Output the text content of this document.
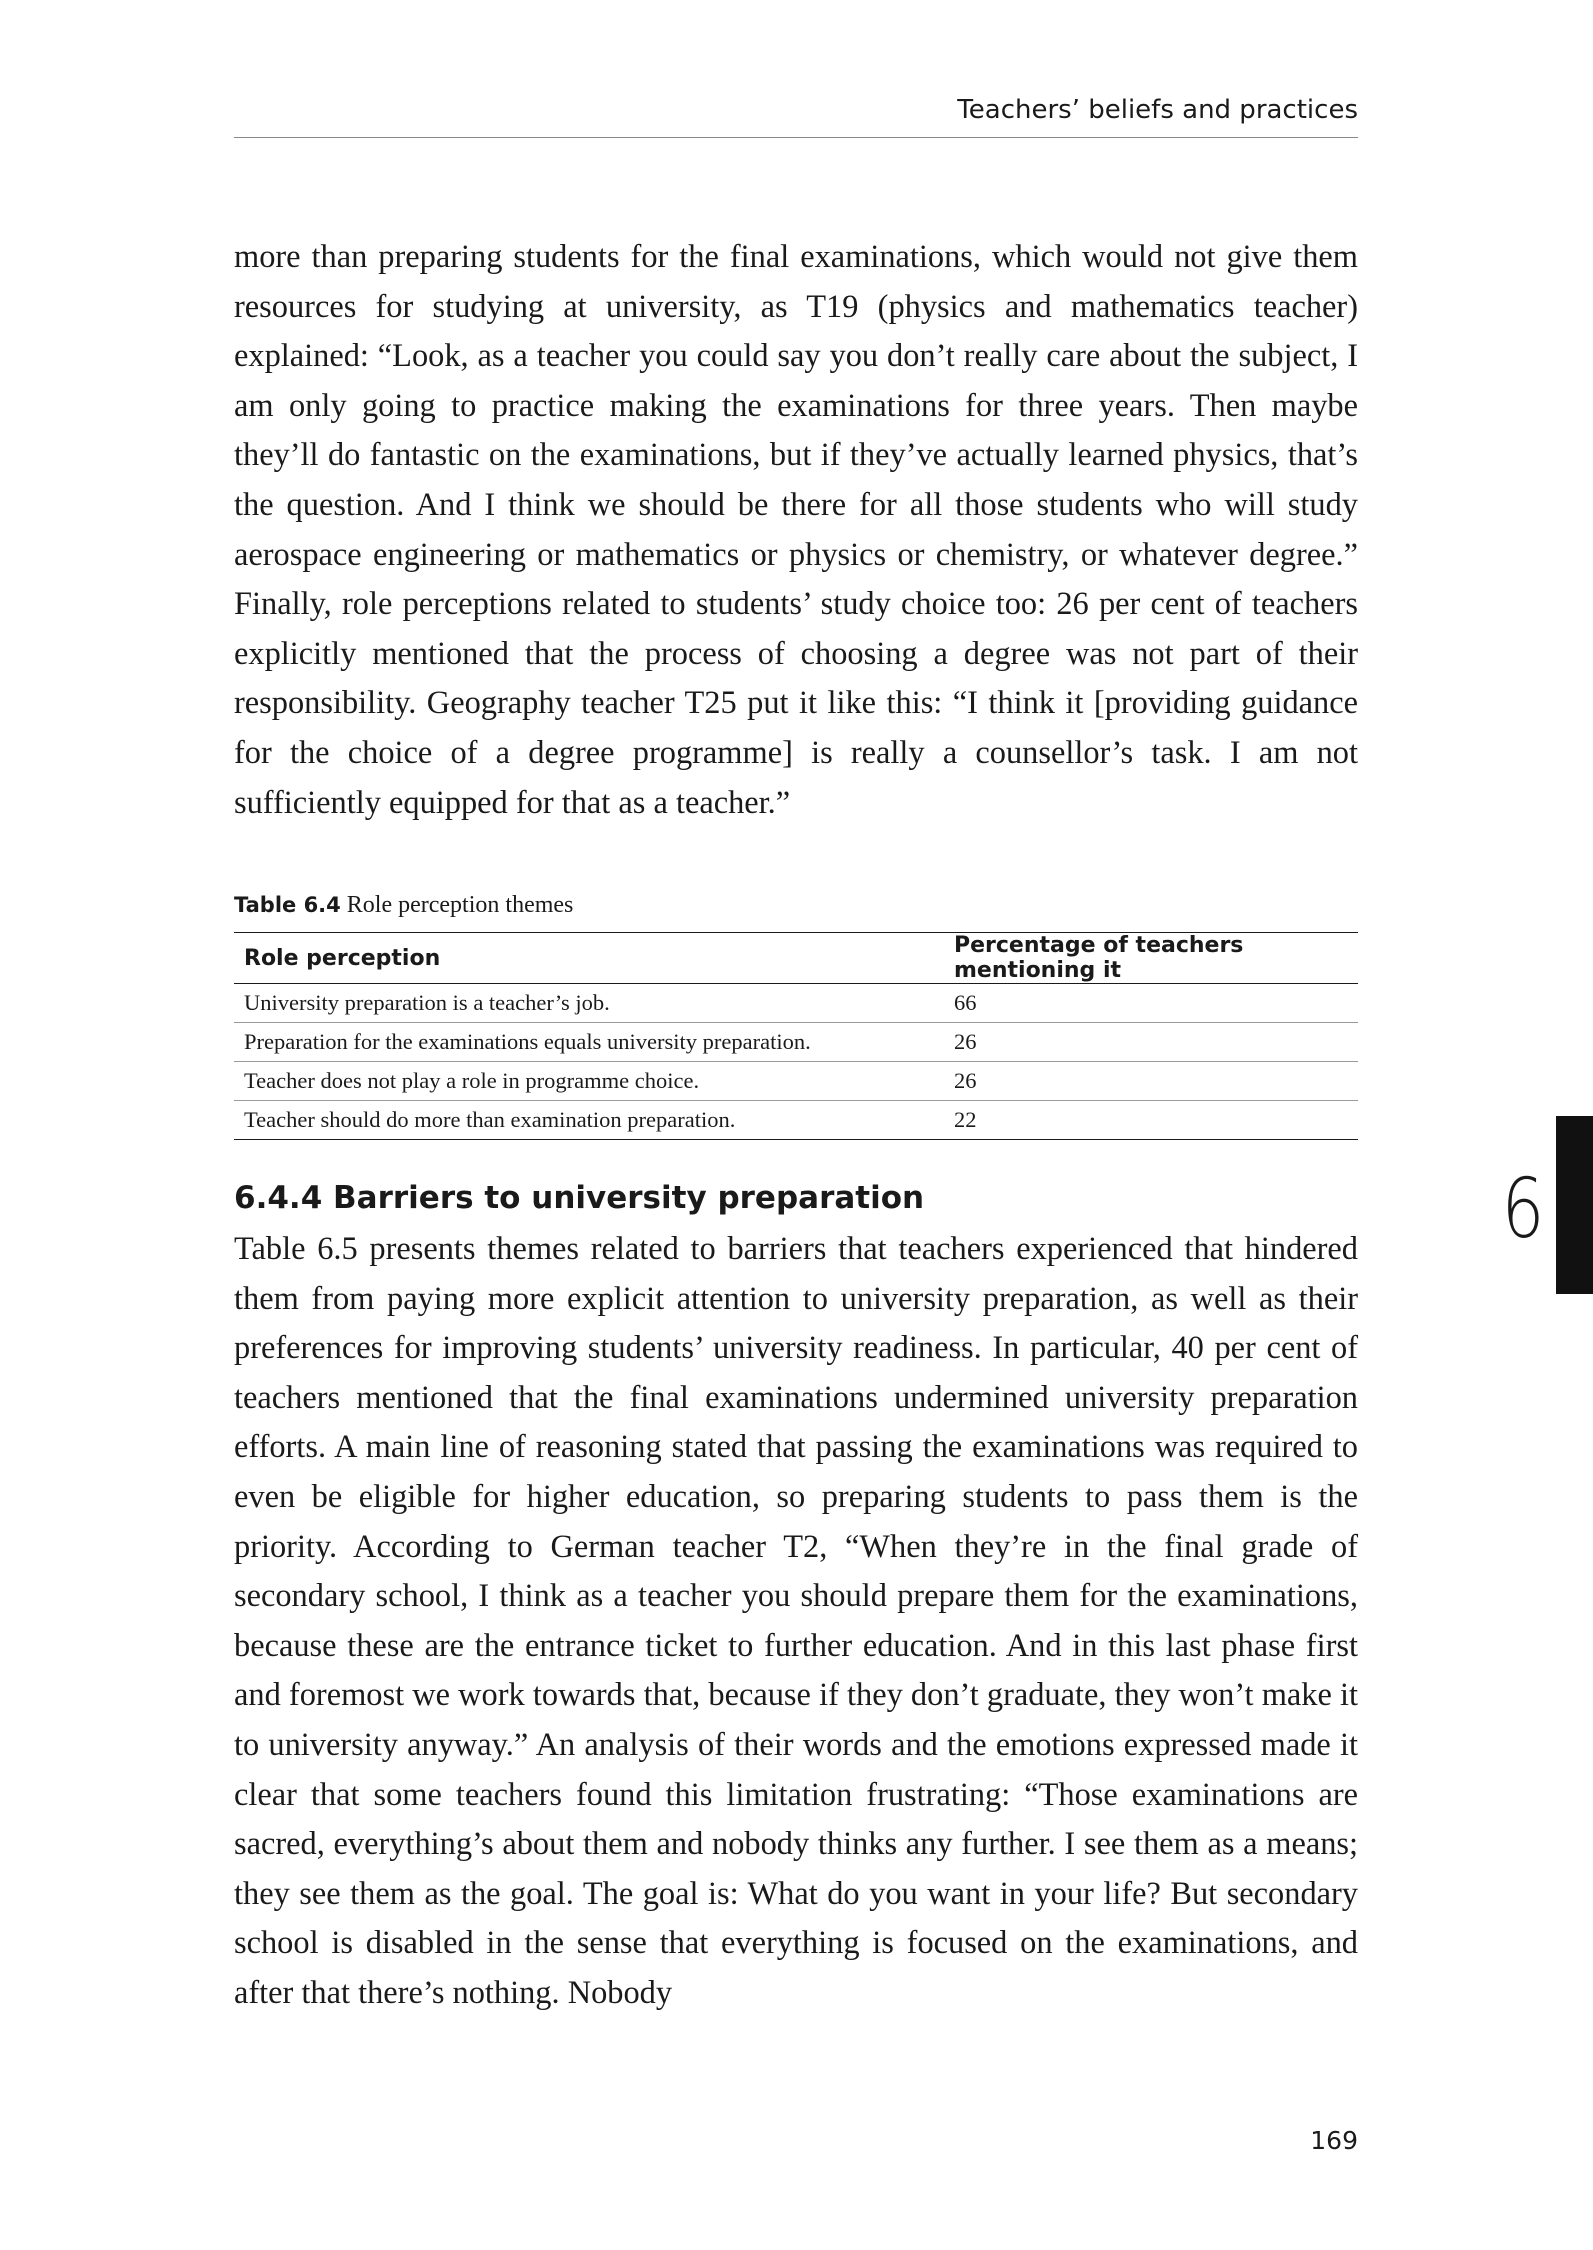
Teachers’ beliefs and practices

more than preparing students for the final examinations, which would not give them resources for studying at university, as T19 (physics and mathematics teacher) explained: “Look, as a teacher you could say you don’t really care about the subject, I am only going to practice making the examinations for three years. Then maybe they’ll do fantastic on the examinations, but if they’ve actually learned physics, that’s the question. And I think we should be there for all those students who will study aerospace engineering or mathematics or physics or chemistry, or whatever degree.” Finally, role perceptions related to students’ study choice too: 26 per cent of teachers explicitly mentioned that the process of choosing a degree was not part of their responsibility. Geography teacher T25 put it like this: “I think it [providing guidance for the choice of a degree programme] is really a counsellor’s task. I am not sufficiently equipped for that as a teacher.”

Table 6.4 Role perception themes
Role perception	Percentage of teachers mentioning it
University preparation is a teacher’s job.	66
Preparation for the examinations equals university preparation.	26
Teacher does not play a role in programme choice.	26
Teacher should do more than examination preparation.	22
6.4.4 Barriers to university preparation

Table 6.5 presents themes related to barriers that teachers experienced that hindered them from paying more explicit attention to university preparation, as well as their preferences for improving students’ university readiness. In particular, 40 per cent of teachers mentioned that the final examinations undermined university preparation efforts. A main line of reasoning stated that passing the examinations was required to even be eligible for higher education, so preparing students to pass them is the priority. According to German teacher T2, “When they’re in the final grade of secondary school, I think as a teacher you should prepare them for the examinations, because these are the entrance ticket to further education. And in this last phase first and foremost we work towards that, because if they don’t graduate, they won’t make it to university anyway.” An analysis of their words and the emotions expressed made it clear that some teachers found this limitation frustrating: “Those examinations are sacred, everything’s about them and nobody thinks any further. I see them as a means; they see them as the goal. The goal is: What do you want in your life? But secondary school is disabled in the sense that everything is focused on the examinations, and after that there’s nothing. Nobody

6
169
